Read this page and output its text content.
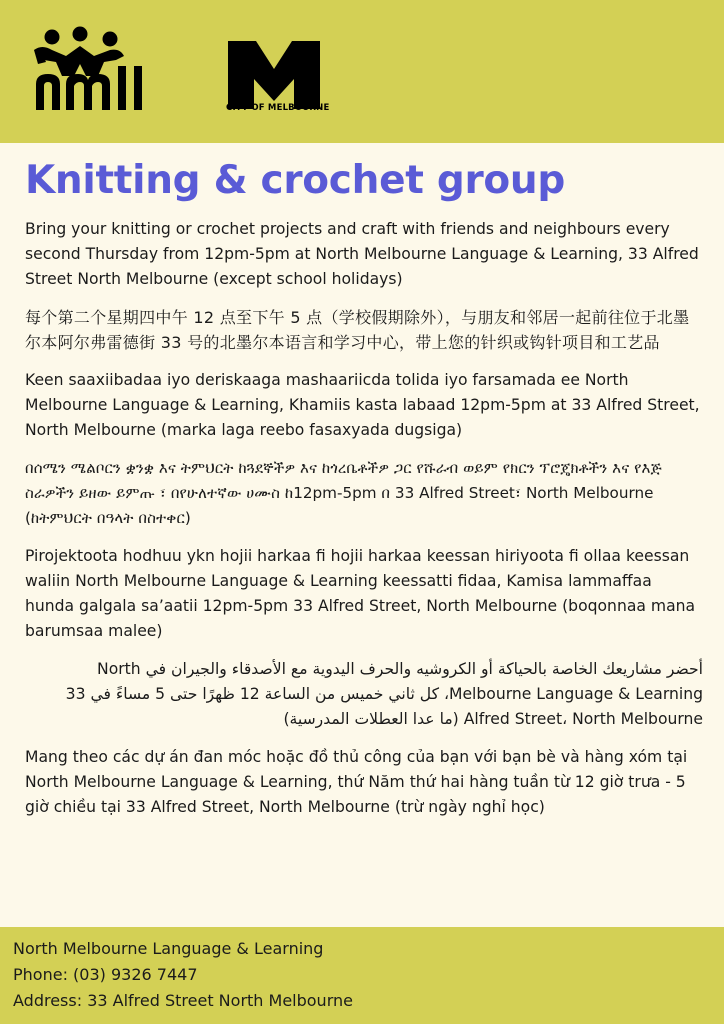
CITY OF MELBOURNE
Knitting & crochet group

Bring your knitting or crochet projects and craft with friends and neighbours every second Thursday from 12pm-5pm at North Melbourne Language & Learning, 33 Alfred Street North Melbourne (except school holidays)

每个第二个星期四中午 12 点至下午 5 点（学校假期除外），与朋友和邻居一起前往位于北墨尔本阿尔弗雷德街 33 号的北墨尔本语言和学习中心，带上您的针织或钩针项目和工艺品

Keen saaxiibadaa iyo deriskaaga mashaariicda tolida iyo farsamada ee North Melbourne Language & Learning, Khamiis kasta labaad 12pm-5pm at 33 Alfred Street, North Melbourne (marka laga reebo fasaxyada dugsiga)

በሰሜን ሜልቦርን ቋንቋ እና ትምህርት ከጓደኞችዎ እና ከጎረቤቶችዎ ጋር የሹራብ ወይም የክርን ፕሮጄክቶችን እና የእጅ ስራዎችን ይዘው ይምጡ ፣ በየሁለተኛው ሀሙስ ከ12pm-5pm በ 33 Alfred Street፣ North Melbourne (ከትምህርት በዓላት በስተቀር)

Pirojektoota hodhuu ykn hojii harkaa fi hojii harkaa keessan hiriyoota fi ollaa keessan waliin North Melbourne Language & Learning keessatti fidaa, Kamisa lammaffaa hunda galgala sa’aatii 12pm-5pm 33 Alfred Street, North Melbourne (boqonnaa mana barumsaa malee)

أحضر مشاريعك الخاصة بالحياكة أو الكروشيه والحرف اليدوية مع الأصدقاء والجيران في North Melbourne Language & Learning، كل ثاني خميس من الساعة 12 ظهرًا حتى 5 مساءً في 33 Alfred Street، North Melbourne (ما عدا العطلات المدرسية)

Mang theo các dự án đan móc hoặc đồ thủ công của bạn với bạn bè và hàng xóm tại North Melbourne Language & Learning, thứ Năm thứ hai hàng tuần từ 12 giờ trưa - 5 giờ chiều tại 33 Alfred Street, North Melbourne (trừ ngày nghỉ học)

North Melbourne Language & Learning
Phone: (03) 9326 7447
Address: 33 Alfred Street North Melbourne
